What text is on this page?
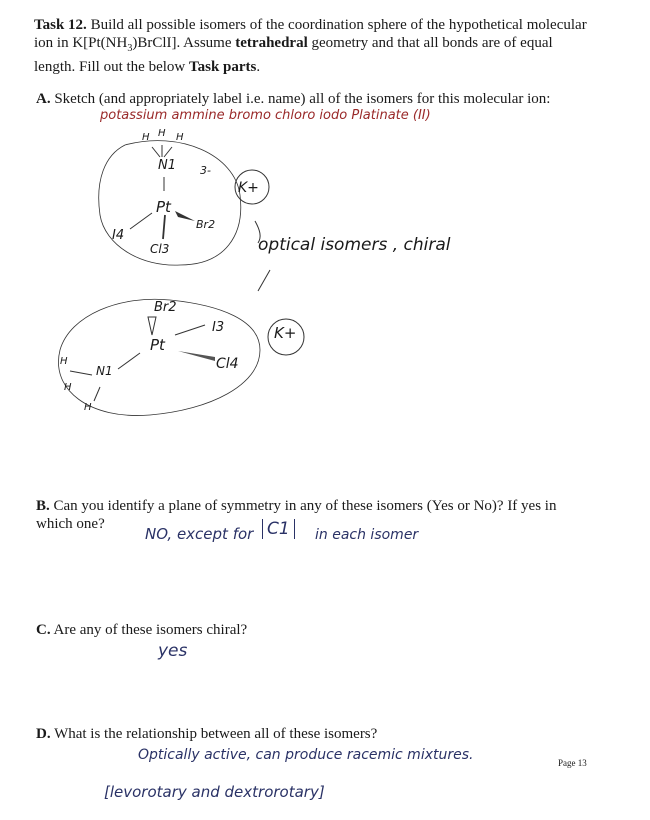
Task 12. Build all possible isomers of the coordination sphere of the hypothetical molecular ion in $K[Pt(NH_3)BrClI]$. Assume tetrahedral geometry and that all bonds are of equal length. Fill out the below Task parts.
A. Sketch (and appropriately label i.e. name) all of the isomers for this molecular ion:
potassium ammine bromo chloro iodo Platinate (II)
H H H
N1 3-
K+
Pt
I4
Br2
Cl3	optical isomers , chiral
Br2
Pt
I3
Cl4
K+
N1
H
H
H
B. Can you identify a plane of symmetry in any of these isomers (Yes or No)? If yes in which one?
NO, except for C1	in each isomer
C. Are any of these isomers chiral?
yes
D. What is the relationship between all of these isomers?
Optically active, can produce racemic mixtures.
[levorotary and dextrorotary]
Page 13
